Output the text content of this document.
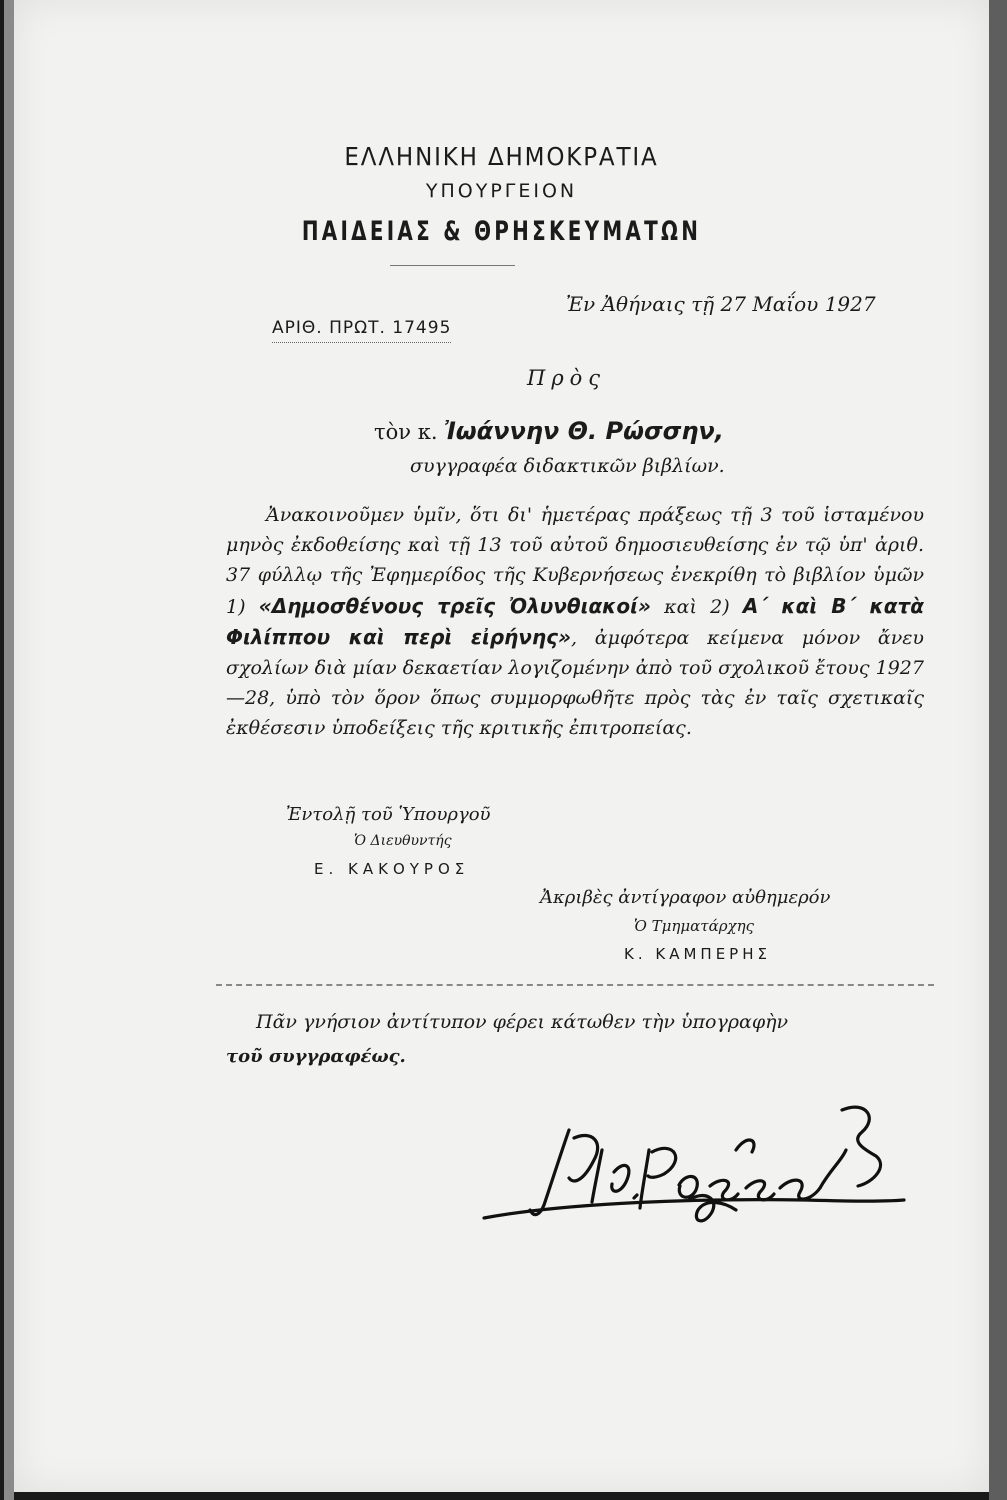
ΕΛΛΗΝΙΚΗ ΔΗΜΟΚΡΑΤΙΑ
ΥΠΟΥΡΓΕΙΟΝ
ΠΑΙΔΕΙΑΣ & ΘΡΗΣΚΕΥΜΑΤΩΝ
Ἐν Ἀθήναις τῇ 27 Μαΐου 1927
ΑΡΙΘ. ΠΡΩΤ. 17495
Πρὸς
τὸν κ. Ἰωάννην Θ. Ρώσσην,
συγγραφέα διδακτικῶν βιβλίων.
Ἀνακοινοῦμεν ὑμῖν, ὅτι δι' ἡμετέρας πράξεως τῇ 3 τοῦ ἱσταμένου μηνὸς ἐκδοθείσης καὶ τῇ 13 τοῦ αὐτοῦ δημοσιευθείσης ἐν τῷ ὑπ' ἀριθ. 37 φύλλῳ τῆς Ἐφημερίδος τῆς Κυβερνήσεως ἐνεκρίθη τὸ βιβλίον ὑμῶν 1) «Δημοσθένους τρεῖς Ὀλυνθιακοί» καὶ 2) Α΄ καὶ Β΄ κατὰ Φιλίππου καὶ περὶ εἰρήνης», ἀμφότερα κείμενα μόνον ἄνευ σχολίων διὰ μίαν δεκαετίαν λογιζομένην ἀπὸ τοῦ σχολικοῦ ἔτους 1927—28, ὑπὸ τὸν ὅρον ὅπως συμμορφωθῆτε πρὸς τὰς ἐν ταῖς σχετικαῖς ἐκθέσεσιν ὑποδείξεις τῆς κριτικῆς ἐπιτροπείας.
Ἐντολῇ τοῦ Ὑπουργοῦ
Ὁ Διευθυντής
Ε. ΚΑΚΟΥΡΟΣ
Ἀκριβὲς ἀντίγραφον αὐθημερόν
Ὁ Τμηματάρχης
Κ. ΚΑΜΠΕΡΗΣ
Πᾶν γνήσιον ἀντίτυπον φέρει κάτωθεν τὴν ὑπογραφὴν
τοῦ συγγραφέως.
